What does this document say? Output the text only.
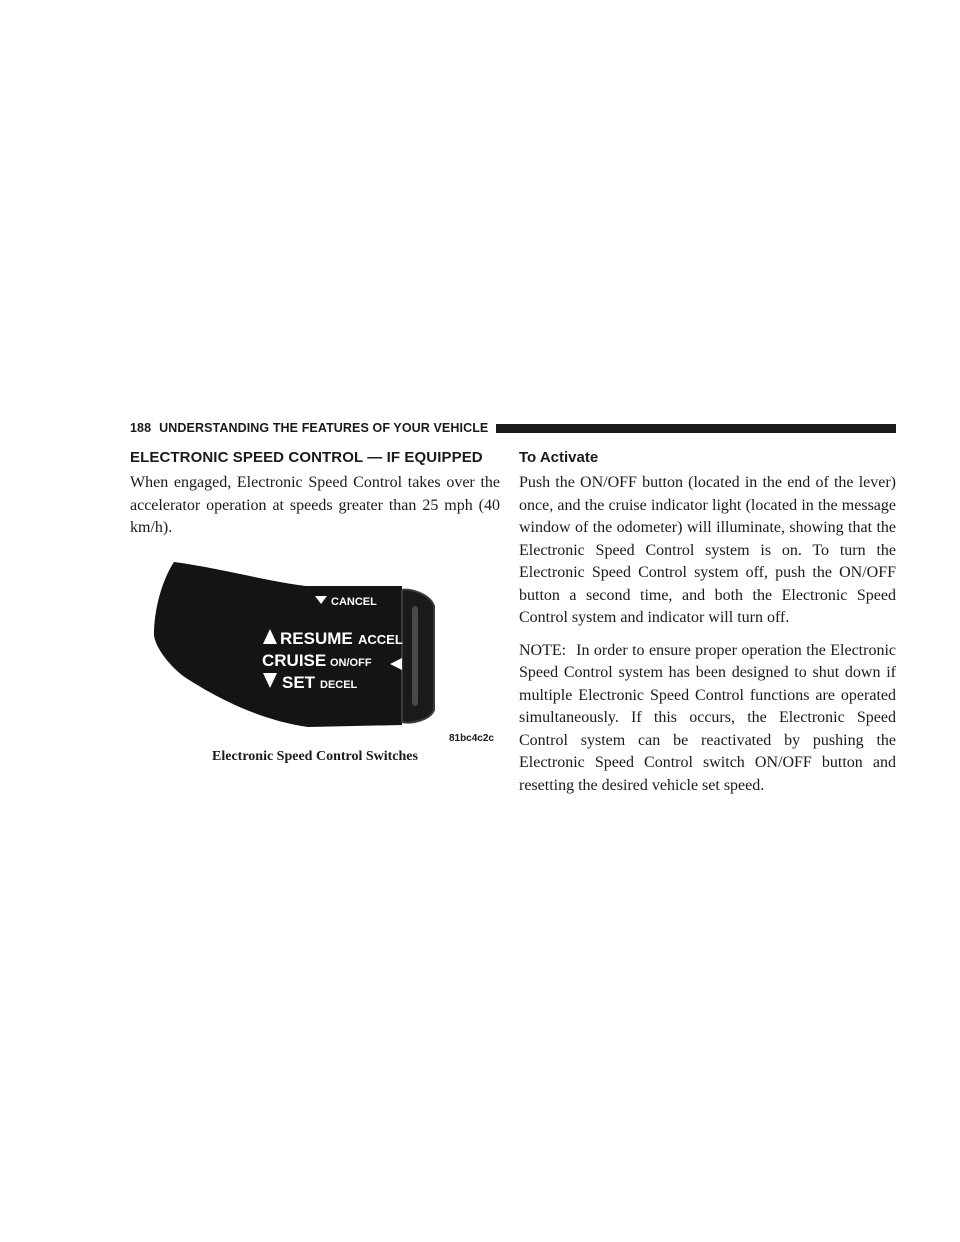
188 UNDERSTANDING THE FEATURES OF YOUR VEHICLE
ELECTRONIC SPEED CONTROL — IF EQUIPPED

When engaged, Electronic Speed Control takes over the accelerator operation at speeds greater than 25 mph (40 km/h).

CANCEL
RESUME ACCEL
CRUISE ON/OFF
SET DECEL
81bc4c2c
Electronic Speed Control Switches
To Activate

Push the ON/OFF button (located in the end of the lever) once, and the cruise indicator light (located in the message window of the odometer) will illuminate, showing that the Electronic Speed Control system is on. To turn the Electronic Speed Control system off, push the ON/OFF button a second time, and both the Electronic Speed Control system and indicator will turn off.

NOTE: In order to ensure proper operation the Electronic Speed Control system has been designed to shut down if multiple Electronic Speed Control functions are operated simultaneously. If this occurs, the Electronic Speed Control system can be reactivated by pushing the Electronic Speed Control switch ON/OFF button and resetting the desired vehicle set speed.
